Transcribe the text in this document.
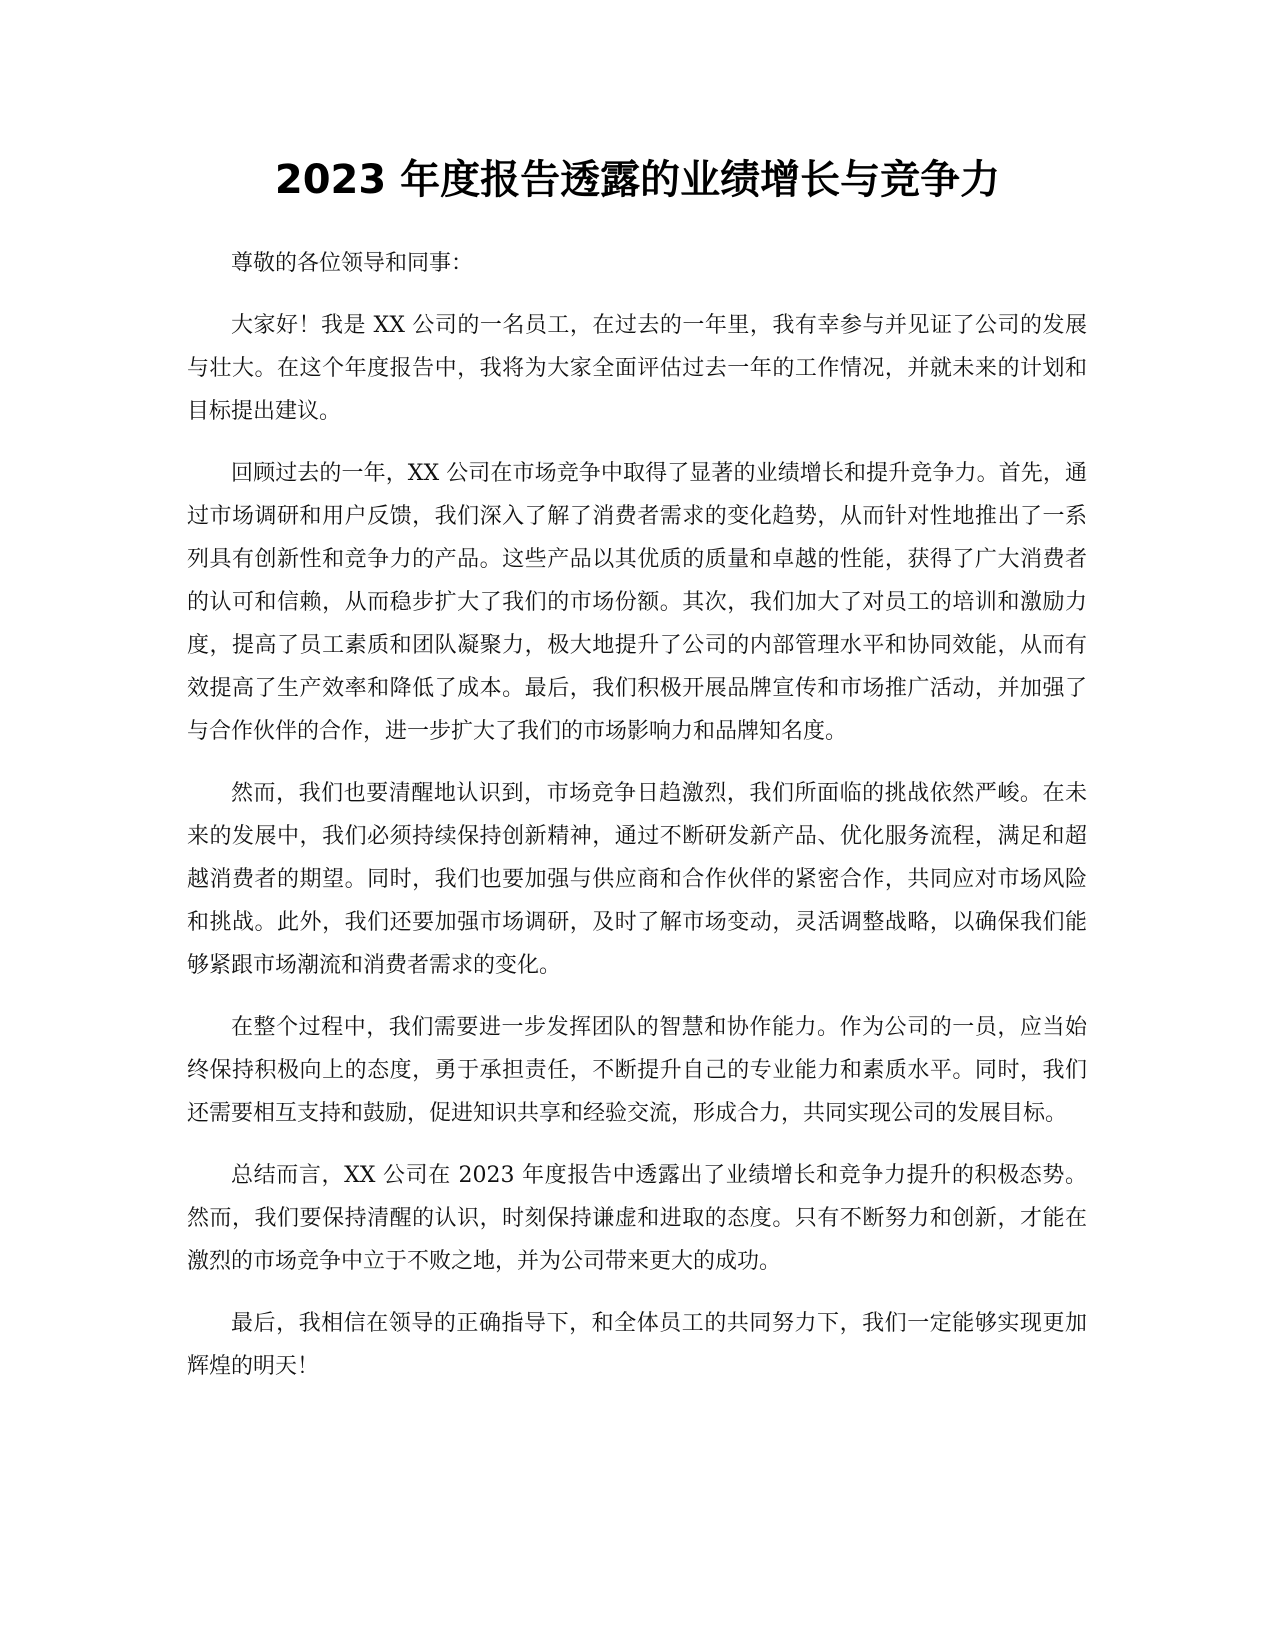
2023 年度报告透露的业绩增长与竞争力

尊敬的各位领导和同事：

大家好！我是 XX 公司的一名员工，在过去的一年里，我有幸参与并见证了公司的发展与壮大。在这个年度报告中，我将为大家全面评估过去一年的工作情况，并就未来的计划和目标提出建议。

回顾过去的一年，XX 公司在市场竞争中取得了显著的业绩增长和提升竞争力。首先，通过市场调研和用户反馈，我们深入了解了消费者需求的变化趋势，从而针对性地推出了一系列具有创新性和竞争力的产品。这些产品以其优质的质量和卓越的性能，获得了广大消费者的认可和信赖，从而稳步扩大了我们的市场份额。其次，我们加大了对员工的培训和激励力度，提高了员工素质和团队凝聚力，极大地提升了公司的内部管理水平和协同效能，从而有效提高了生产效率和降低了成本。最后，我们积极开展品牌宣传和市场推广活动，并加强了与合作伙伴的合作，进一步扩大了我们的市场影响力和品牌知名度。

然而，我们也要清醒地认识到，市场竞争日趋激烈，我们所面临的挑战依然严峻。在未来的发展中，我们必须持续保持创新精神，通过不断研发新产品、优化服务流程，满足和超越消费者的期望。同时，我们也要加强与供应商和合作伙伴的紧密合作，共同应对市场风险和挑战。此外，我们还要加强市场调研，及时了解市场变动，灵活调整战略，以确保我们能够紧跟市场潮流和消费者需求的变化。

在整个过程中，我们需要进一步发挥团队的智慧和协作能力。作为公司的一员，应当始终保持积极向上的态度，勇于承担责任，不断提升自己的专业能力和素质水平。同时，我们还需要相互支持和鼓励，促进知识共享和经验交流，形成合力，共同实现公司的发展目标。

总结而言，XX 公司在 2023 年度报告中透露出了业绩增长和竞争力提升的积极态势。然而，我们要保持清醒的认识，时刻保持谦虚和进取的态度。只有不断努力和创新，才能在激烈的市场竞争中立于不败之地，并为公司带来更大的成功。

最后，我相信在领导的正确指导下，和全体员工的共同努力下，我们一定能够实现更加辉煌的明天！
